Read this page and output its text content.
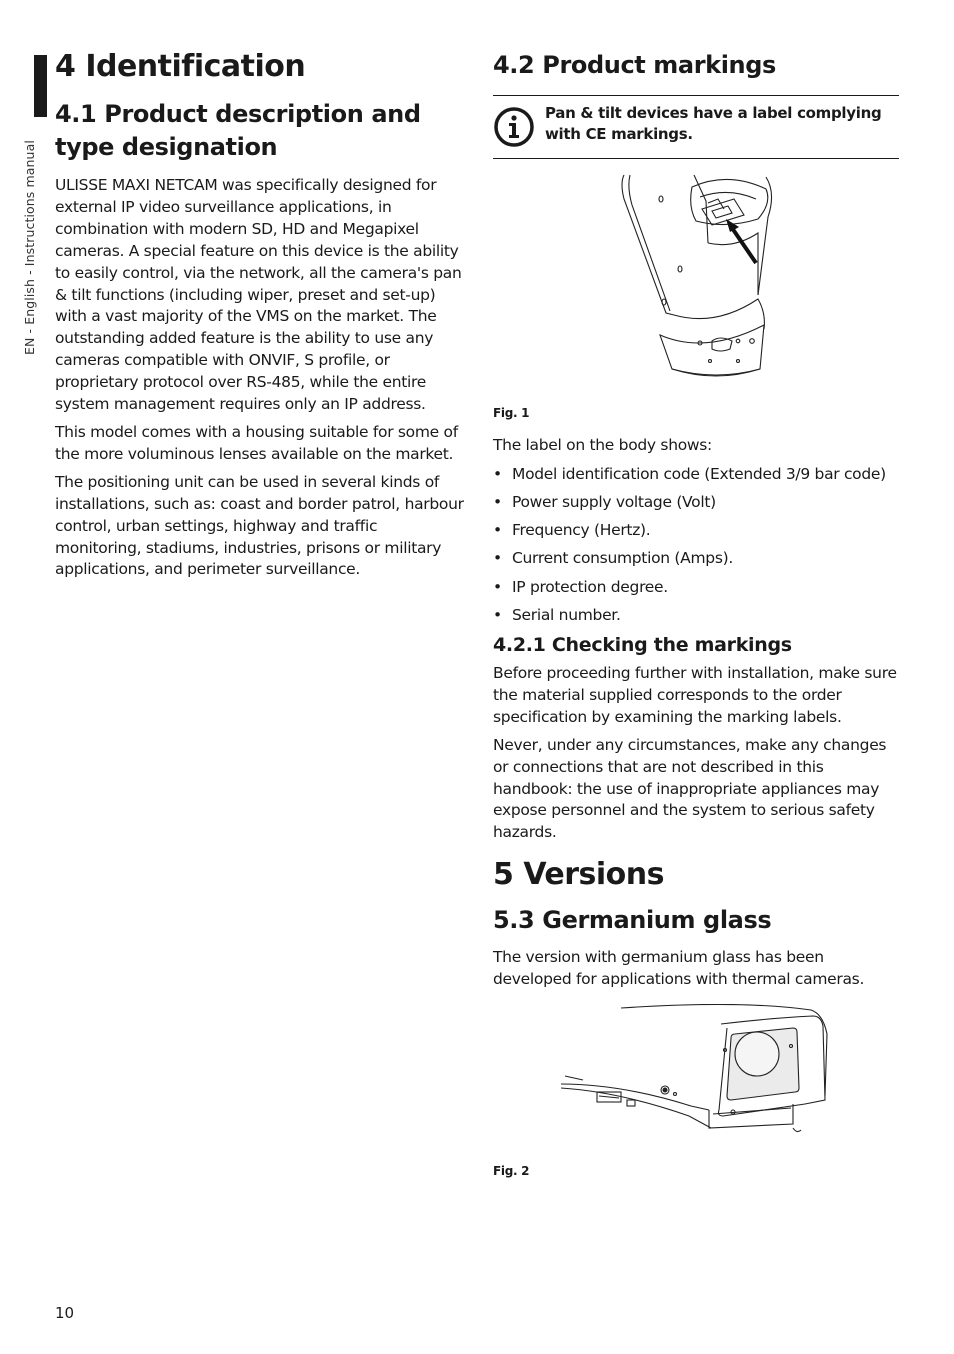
EN - English - Instructions manual
4 Identification
4.1 Product description and type designation

ULISSE MAXI NETCAM was specifically designed for external IP video surveillance applications, in combination with modern SD, HD and Megapixel cameras. A special feature on this device is the ability to easily control, via the network, all the camera's pan & tilt functions (including wiper, preset and set-up) with a vast majority of the VMS on the market. The outstanding added feature is the ability to use any cameras compatible with ONVIF, S profile, or proprietary protocol over RS-485, while the entire system management requires only an IP address.

This model comes with a housing suitable for some of the more voluminous lenses available on the market.

The positioning unit can be used in several kinds of installations, such as: coast and border patrol, harbour control, urban settings, highway and traffic monitoring, stadiums, industries, prisons or military applications, and perimeter surveillance.

4.2 Product markings
Pan & tilt devices have a label complying with CE markings.

Fig. 1

The label on the body shows:

• Model identification code (Extended 3/9 bar code)
• Power supply voltage (Volt)
• Frequency (Hertz).
• Current consumption (Amps).
• IP protection degree.
• Serial number.
4.2.1 Checking the markings

Before proceeding further with installation, make sure the material supplied corresponds to the order specification by examining the marking labels.

Never, under any circumstances, make any changes or connections that are not described in this handbook: the use of inappropriate appliances may expose personnel and the system to serious safety hazards.

5 Versions
5.3 Germanium glass

The version with germanium glass has been developed for applications with thermal cameras.

Fig. 2

10
